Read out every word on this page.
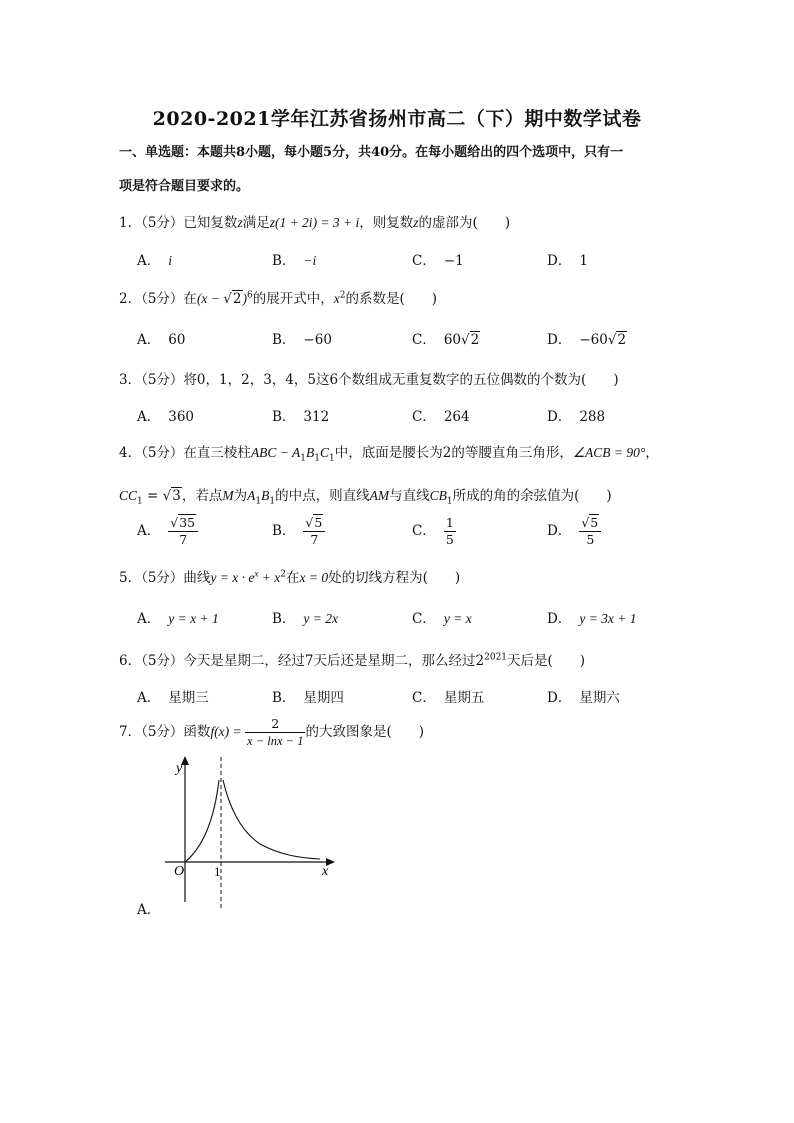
2020-2021学年江苏省扬州市高二（下）期中数学试卷
一、单选题：本题共8小题，每小题5分，共40分。在每小题给出的四个选项中，只有一
项是符合题目要求的。
1．（5分）已知复数z满足z(1 + 2i) = 3 + i，则复数z的虚部为(　　)
A． i	B． −i	C． −1	D． 1
2．（5分）在$(x - √2)^6$的展开式中，$x^2$的系数是(　　)
A． 60	B． −60	C． 60√2	D． −60√2
3．（5分）将0，1，2，3，4，5这6个数组成无重复数字的五位偶数的个数为(　　)
A． 360	B． 312	C． 264	D． 288
4．（5分）在直三棱柱ABC − $A_1B_1C_1$中，底面是腰长为2的等腰直角三角形，∠ACB = 90°，
$CC_1 = √3$，若点M为$A_1B_1$的中点，则直线AM与直线$CB_1$所成的角的余弦值为(　　)
A． $\frac{√35}{7}$	B． $\frac{√5}{7}$	C． $\frac{1}{5}$	D． $\frac{√5}{5}$
5．（5分）曲线$y = x \cdot e^x + x^2$在x = 0处的切线方程为(　　)
A． y = x + 1	B． y = 2x	C． y = x	D． y = 3x + 1
6．（5分）今天是星期二，经过7天后还是星期二，那么经过$2^{2021}$天后是(　　)
A． 星期三	B． 星期四	C． 星期五	D． 星期六
7．（5分）函数$f(x) = \frac{2}{x - \ln x - 1}$ 的大致图象是(　　)
y
x
O 1
A．
